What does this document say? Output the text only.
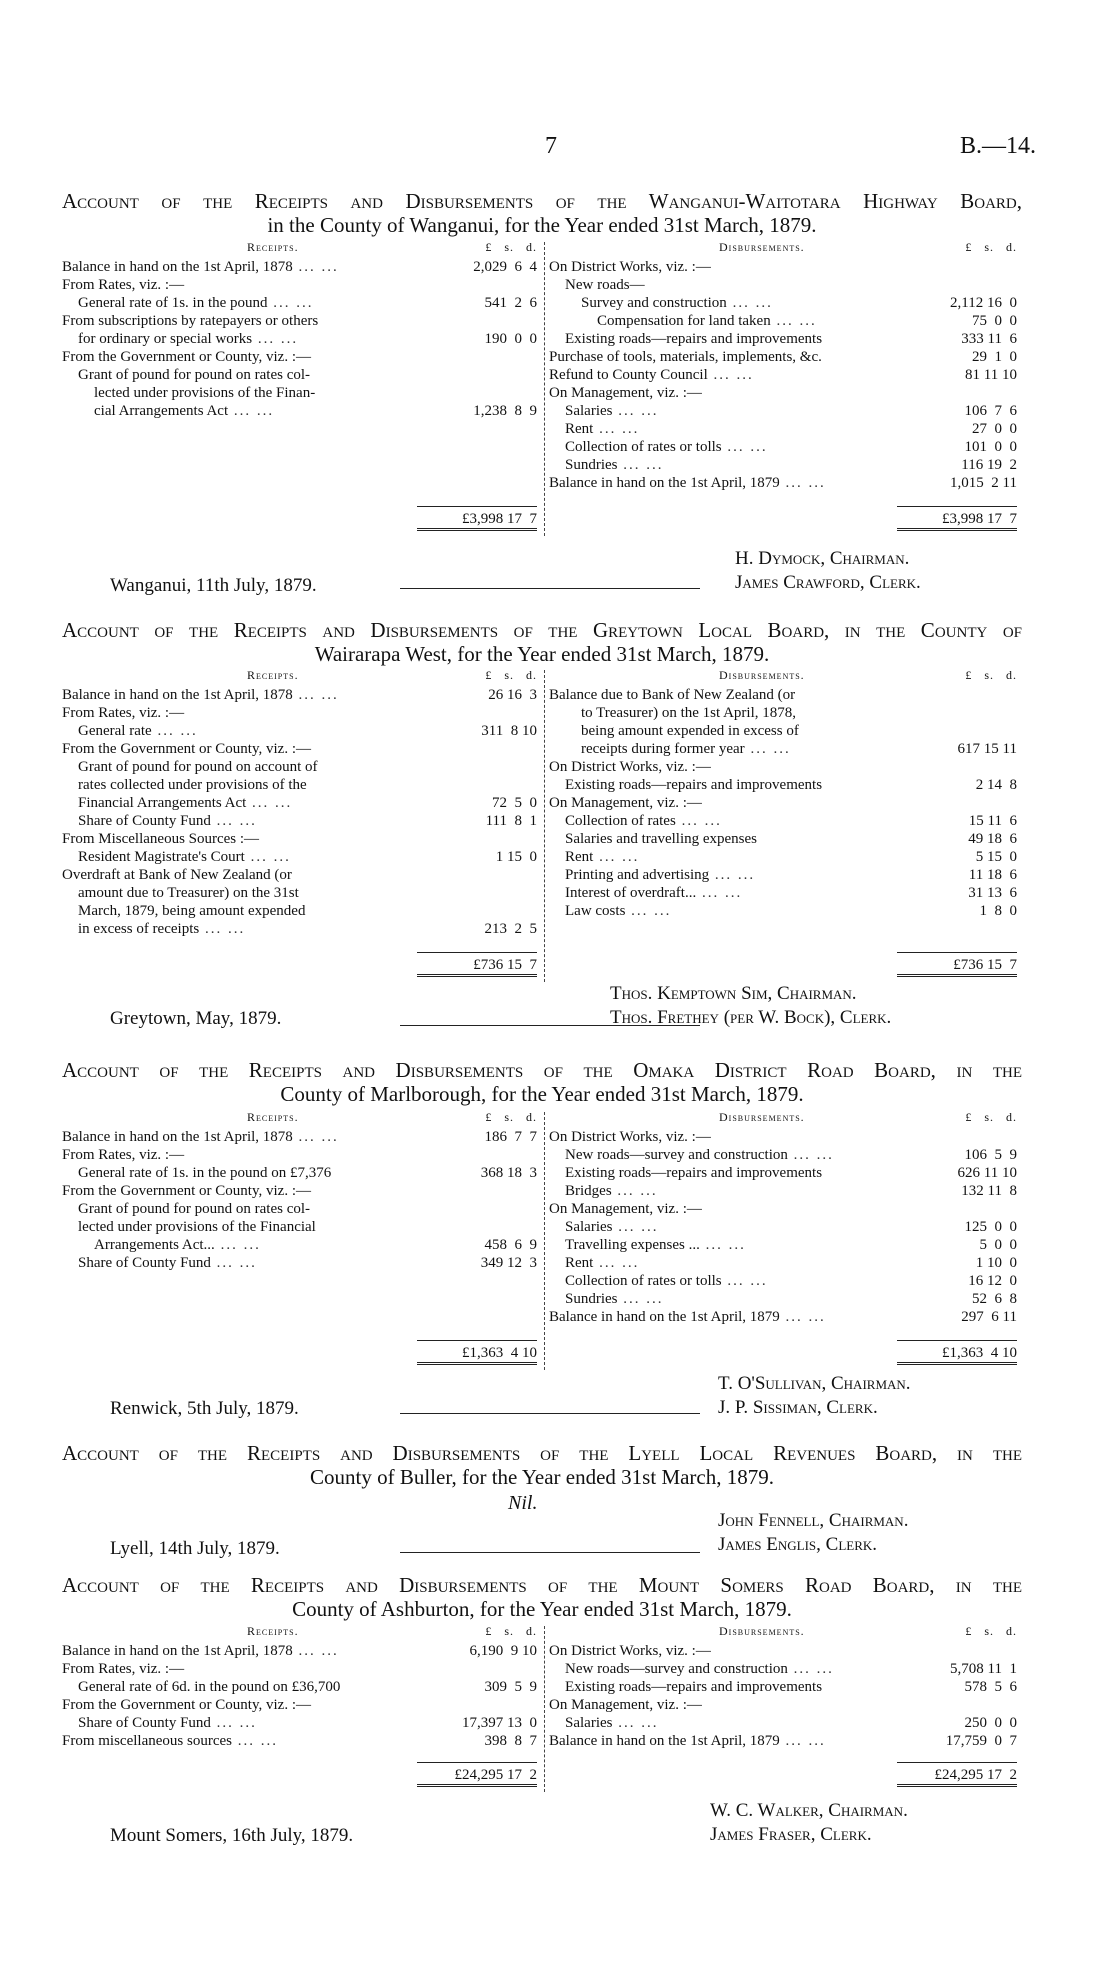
7	B.—14.
Account of the Receipts and Disbursements of the Wanganui-Waitotara Highway Board,
in the County of Wanganui, for the Year ended 31st March, 1879.
Receipts.	£   s.   d.
Balance in hand on the 1st April, 1878 ... ...	2,029  6  4
From Rates, viz. :—
General rate of 1s. in the pound ... ...	541  2  6
From subscriptions by ratepayers or others
for ordinary or special works ... ...	190  0  0
From the Government or County, viz. :—
Grant of pound for pound on rates col-
lected under provisions of the Finan-
cial Arrangements Act ... ...	1,238  8  9
£3,998 17  7
Disbursements.	£   s.   d.
On District Works, viz. :—
New roads—
Survey and construction ... ...	2,112 16  0
Compensation for land taken ... ...	75  0  0
Existing roads—repairs and improvements	333 11  6
Purchase of tools, materials, implements, &c.	29  1  0
Refund to County Council ... ...	81 11 10
On Management, viz. :—
Salaries ... ...	106  7  6
Rent ... ...	27  0  0
Collection of rates or tolls ... ...	101  0  0
Sundries ... ...	116 19  2
Balance in hand on the 1st April, 1879 ... ...	1,015  2 11
£3,998 17  7
Wanganui, 11th July, 1879.
H. Dymock, Chairman.
James Crawford, Clerk.
Account of the Receipts and Disbursements of the Greytown Local Board, in the County of
Wairarapa West, for the Year ended 31st March, 1879.
Receipts.	£   s.   d.
Balance in hand on the 1st April, 1878 ... ...	26 16  3
From Rates, viz. :—
General rate ... ...	311  8 10
From the Government or County, viz. :—
Grant of pound for pound on account of
rates collected under provisions of the
Financial Arrangements Act ... ...	72  5  0
Share of County Fund ... ...	111  8  1
From Miscellaneous Sources :—
Resident Magistrate's Court ... ...	1 15  0
Overdraft at Bank of New Zealand (or
amount due to Treasurer) on the 31st
March, 1879, being amount expended
in excess of receipts ... ...	213  2  5
£736 15  7
Disbursements.	£   s.   d.
Balance due to Bank of New Zealand (or
to Treasurer) on the 1st April, 1878,
being amount expended in excess of
receipts during former year ... ...	617 15 11
On District Works, viz. :—
Existing roads—repairs and improvements	2 14  8
On Management, viz. :—
Collection of rates ... ...	15 11  6
Salaries and travelling expenses	49 18  6
Rent ... ...	5 15  0
Printing and advertising ... ...	11 18  6
Interest of overdraft... ... ...	31 13  6
Law costs ... ...	1  8  0
£736 15  7
Greytown, May, 1879.
Thos. Kemptown Sim, Chairman.
Thos. Frethey (per W. Bock), Clerk.
Account of the Receipts and Disbursements of the Omaka District Road Board, in the
County of Marlborough, for the Year ended 31st March, 1879.
Receipts.	£   s.   d.
Balance in hand on the 1st April, 1878 ... ...	186  7  7
From Rates, viz. :—
General rate of 1s. in the pound on £7,376	368 18  3
From the Government or County, viz. :—
Grant of pound for pound on rates col-
lected under provisions of the Financial
Arrangements Act... ... ...	458  6  9
Share of County Fund ... ...	349 12  3
£1,363  4 10
Disbursements.	£   s.   d.
On District Works, viz. :—
New roads—survey and construction ... ...	106  5  9
Existing roads—repairs and improvements	626 11 10
Bridges ... ...	132 11  8
On Management, viz. :—
Salaries ... ...	125  0  0
Travelling expenses ... ... ...	5  0  0
Rent ... ...	1 10  0
Collection of rates or tolls ... ...	16 12  0
Sundries ... ...	52  6  8
Balance in hand on the 1st April, 1879 ... ...	297  6 11
£1,363  4 10
Renwick, 5th July, 1879.
T. O'Sullivan, Chairman.
J. P. Sissiman, Clerk.
Account of the Receipts and Disbursements of the Lyell Local Revenues Board, in the
County of Buller, for the Year ended 31st March, 1879.
Nil.
Lyell, 14th July, 1879.
John Fennell, Chairman.
James Englis, Clerk.
Account of the Receipts and Disbursements of the Mount Somers Road Board, in the
County of Ashburton, for the Year ended 31st March, 1879.
Receipts.	£   s.   d.
Balance in hand on the 1st April, 1878 ... ...	6,190  9 10
From Rates, viz. :—
General rate of 6d. in the pound on £36,700	309  5  9
From the Government or County, viz. :—
Share of County Fund ... ...	17,397 13  0
From miscellaneous sources ... ...	398  8  7
£24,295 17  2
Disbursements.	£   s.   d.
On District Works, viz. :—
New roads—survey and construction ... ...	5,708 11  1
Existing roads—repairs and improvements	578  5  6
On Management, viz. :—
Salaries ... ...	250  0  0
Balance in hand on the 1st April, 1879 ... ...	17,759  0  7
£24,295 17  2
Mount Somers, 16th July, 1879.
W. C. Walker, Chairman.
James Fraser, Clerk.
